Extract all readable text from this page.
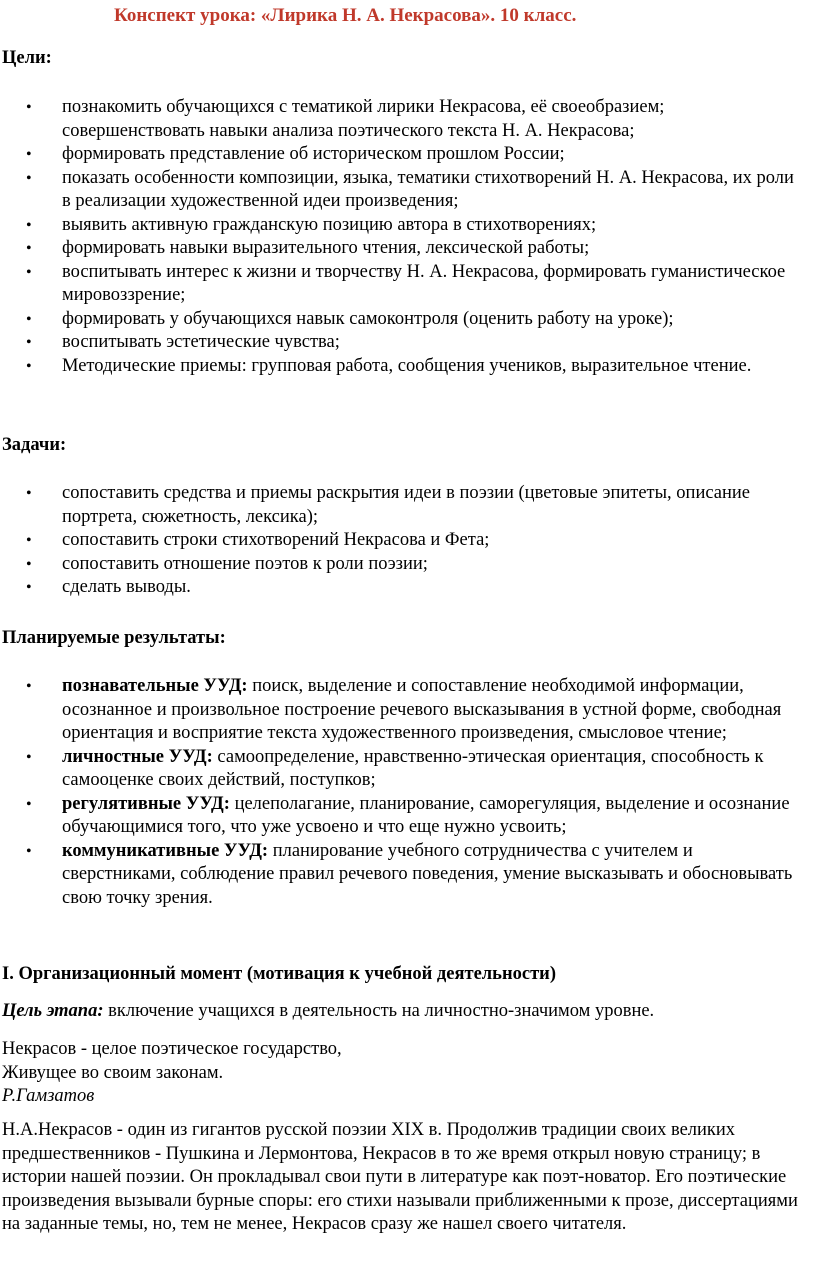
Конспект урока: «Лирика Н. А. Некрасова». 10 класс.
Цели:
• познакомить обучающихся с тематикой лирики Некрасова, её своеобразием; совершенствовать навыки анализа поэтического текста Н. А. Некрасова;
• формировать представление об историческом прошлом России;
• показать особенности композиции, языка, тематики стихотворений Н. А. Некрасова, их роли в реализации художественной идеи произведения;
• выявить активную гражданскую позицию автора в стихотворениях;
• формировать навыки выразительного чтения, лексической работы;
• воспитывать интерес к жизни и творчеству Н. А. Некрасова, формировать гуманистическое мировоззрение;
• формировать у обучающихся навык самоконтроля (оценить работу на уроке);
• воспитывать эстетические чувства;
• Методические приемы: групповая работа, сообщения учеников, выразительное чтение.
Задачи:
• сопоставить средства и приемы раскрытия идеи в поэзии (цветовые эпитеты, описание портрета, сюжетность, лексика);
• сопоставить строки стихотворений Некрасова и Фета;
• сопоставить отношение поэтов к роли поэзии;
• сделать выводы.
Планируемые результаты:
• познавательные УУД: поиск, выделение и сопоставление необходимой информации, осознанное и произвольное построение речевого высказывания в устной форме, свободная ориентация и восприятие текста художественного произведения, смысловое чтение;
• личностные УУД: самоопределение, нравственно-этическая ориентация, способность к самооценке своих действий, поступков;
• регулятивные УУД: целеполагание, планирование, саморегуляция, выделение и осознание обучающимися того, что уже усвоено и что еще нужно усвоить;
• коммуникативные УУД: планирование учебного сотрудничества с учителем и сверстниками, соблюдение правил речевого поведения, умение высказывать и обосновывать свою точку зрения.
I. Организационный момент (мотивация к учебной деятельности)

Цель этапа: включение учащихся в деятельность на личностно-значимом уровне.

Некрасов - целое поэтическое государство,
Живущее во своим законам.
Р.Гамзатов

Н.А.Некрасов - один из гигантов русской поэзии XIX в. Продолжив традиции своих великих предшественников - Пушкина и Лермонтова, Некрасов в то же время открыл новую страницу; в истории нашей поэзии. Он прокладывал свои пути в литературе как поэт-новатор. Его поэтические произведения вызывали бурные споры: его стихи называли приближенными к прозе, диссертациями на заданные темы, но, тем не менее, Некрасов сразу же нашел своего читателя.
